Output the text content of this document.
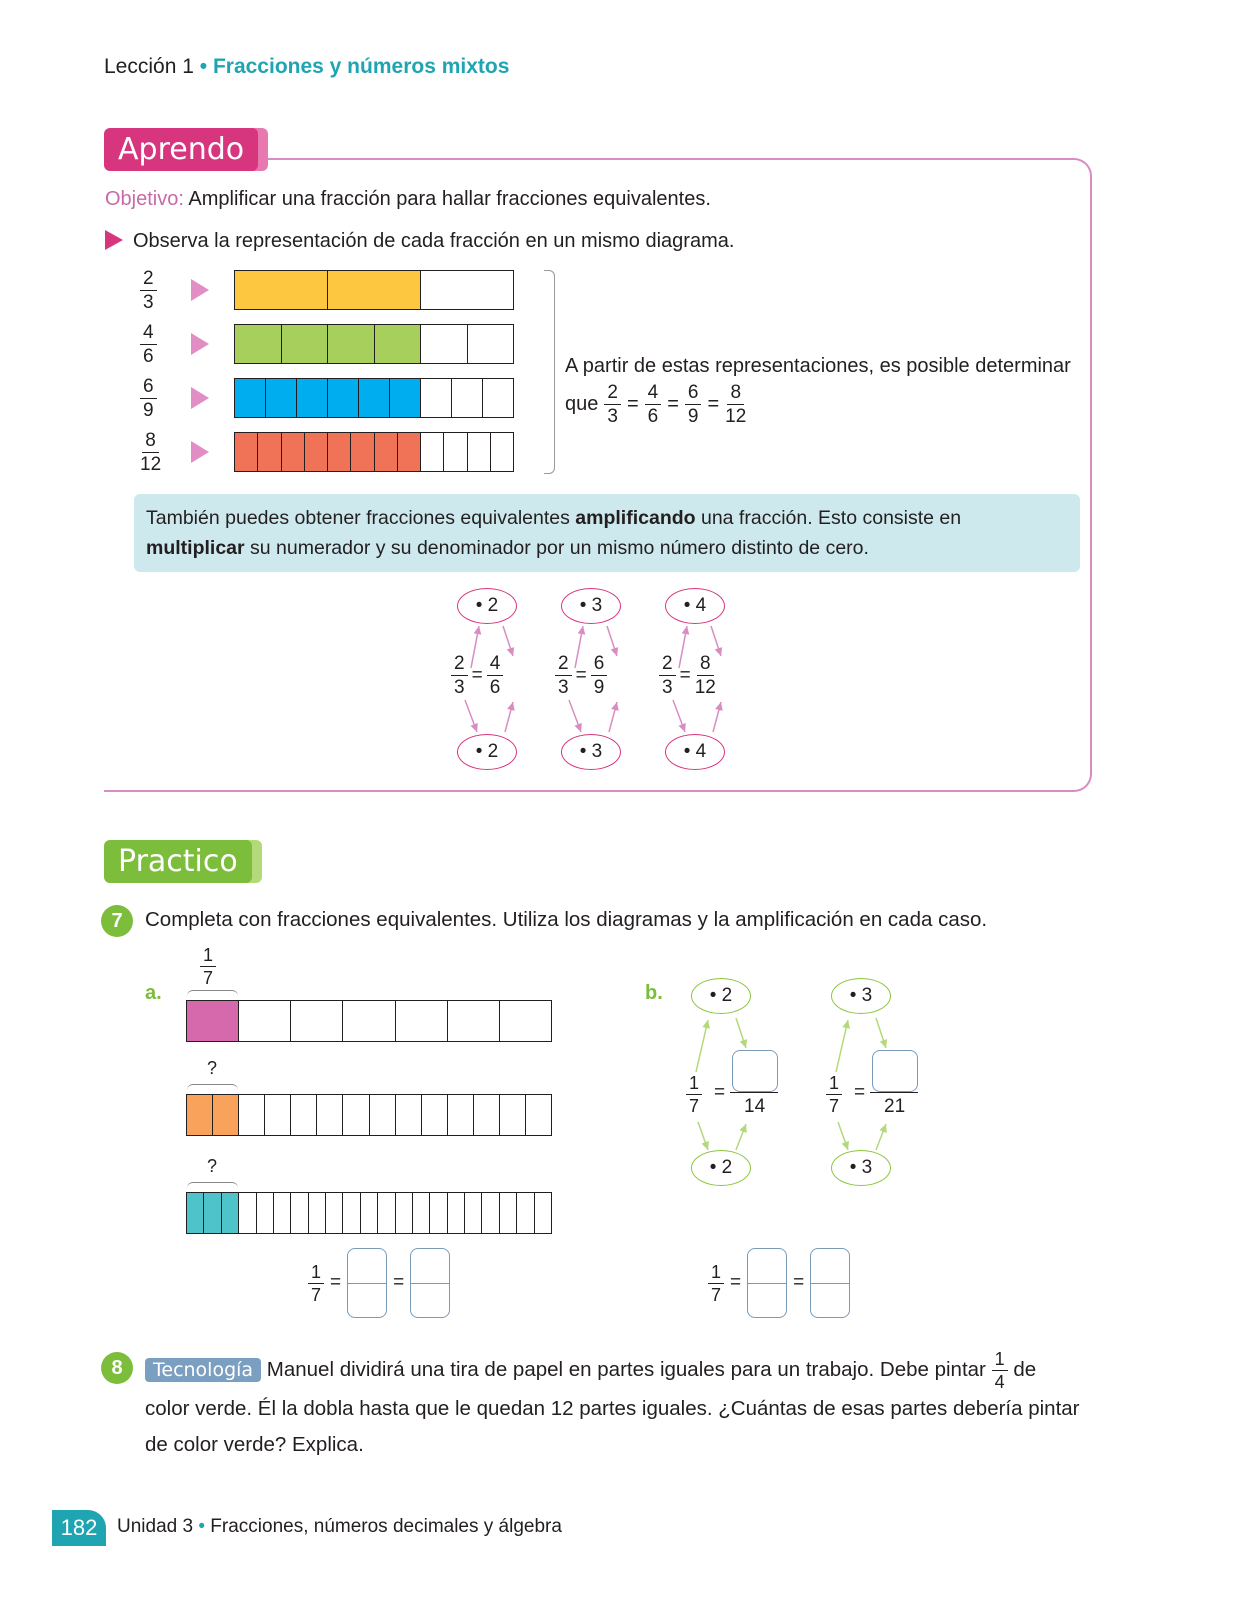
Lección 1 • Fracciones y números mixtos
Aprendo
Objetivo: Amplificar una fracción para hallar fracciones equivalentes.
Observa la representación de cada fracción en un mismo diagrama.
$\frac{2}{3}$
$\frac{4}{6}$
$\frac{6}{9}$
$\frac{8}{12}$
A partir de estas representaciones, es posible determinar
que $\frac{2}{3} = \frac{4}{6} = \frac{6}{9} = \frac{8}{12}$
También puedes obtener fracciones equivalentes amplificando una fracción. Esto consiste en
multiplicar su numerador y su denominador por un mismo número distinto de cero.
• 2
• 2
$\frac{2}{3} = \frac{4}{6}$
• 3
• 3
$\frac{2}{3} = \frac{6}{9}$
• 4
• 4
$\frac{2}{3} = \frac{8}{12}$
Practico
7	Completa con fracciones equivalentes. Utiliza los diagramas y la amplificación en cada caso.
a.	b.
$\frac{1}{7}$
?
?
$\frac{1}{7}$ =	=
• 2
• 2
$\frac{1}{7}$ =
14
• 3
• 3
$\frac{1}{7}$ =
21
$\frac{1}{7}$ =	=
8	Tecnología Manuel dividirá una tira de papel en partes iguales para un trabajo. Debe pintar $\frac{1}{4}$ de
color verde. Él la dobla hasta que le quedan 12 partes iguales. ¿Cuántas de esas partes debería pintar
de color verde? Explica.
182	Unidad 3 • Fracciones, números decimales y álgebra
